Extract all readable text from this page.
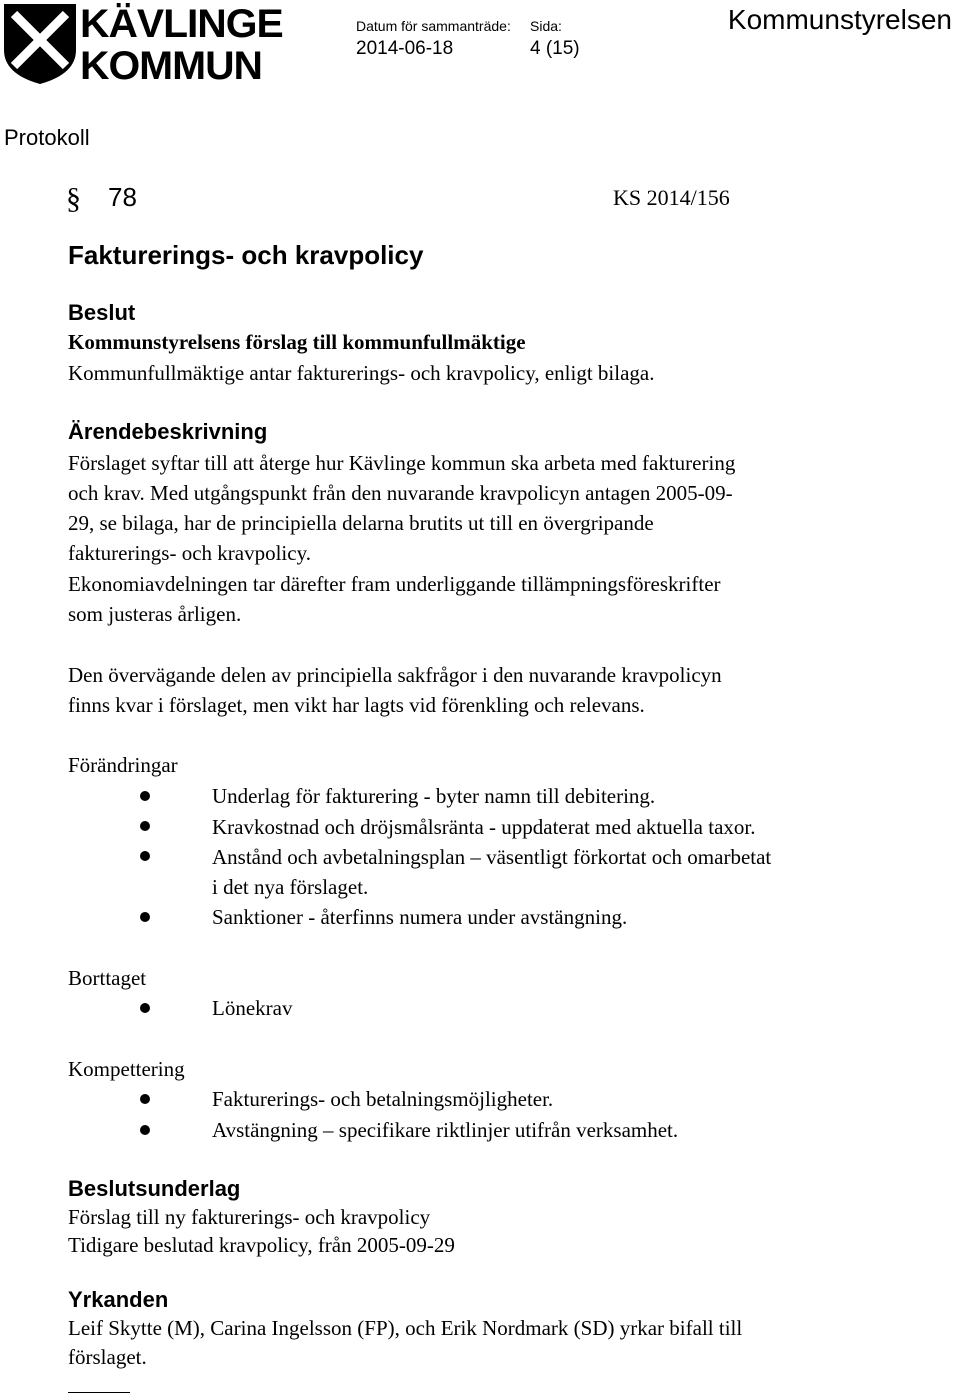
KÄVLINGE
KOMMUN
Datum för sammanträde:
2014-06-18
Sida:
4 (15)
Kommunstyrelsen
Protokoll
§ 78	KS 2014/156
Fakturerings- och kravpolicy
Beslut
Kommunstyrelsens förslag till kommunfullmäktige
Kommunfullmäktige antar fakturerings- och kravpolicy, enligt bilaga.
Ärendebeskrivning
Förslaget syftar till att återge hur Kävlinge kommun ska arbeta med fakturering
och krav. Med utgångspunkt från den nuvarande kravpolicyn antagen 2005-09-
29, se bilaga, har de principiella delarna brutits ut till en övergripande
fakturerings- och kravpolicy.
Ekonomiavdelningen tar därefter fram underliggande tillämpningsföreskrifter
som justeras årligen.
Den övervägande delen av principiella sakfrågor i den nuvarande kravpolicyn
finns kvar i förslaget, men vikt har lagts vid förenkling och relevans.
Förändringar
Underlag för fakturering - byter namn till debitering.
Kravkostnad och dröjsmålsränta - uppdaterat med aktuella taxor.
Anstånd och avbetalningsplan – väsentligt förkortat och omarbetat
i det nya förslaget.
Sanktioner - återfinns numera under avstängning.
Borttaget
Lönekrav
Kompettering
Fakturerings- och betalningsmöjligheter.
Avstängning – specifikare riktlinjer utifrån verksamhet.
Beslutsunderlag
Förslag till ny fakturerings- och kravpolicy
Tidigare beslutad kravpolicy, från 2005-09-29
Yrkanden
Leif Skytte (M), Carina Ingelsson (FP), och Erik Nordmark (SD) yrkar bifall till
förslaget.
